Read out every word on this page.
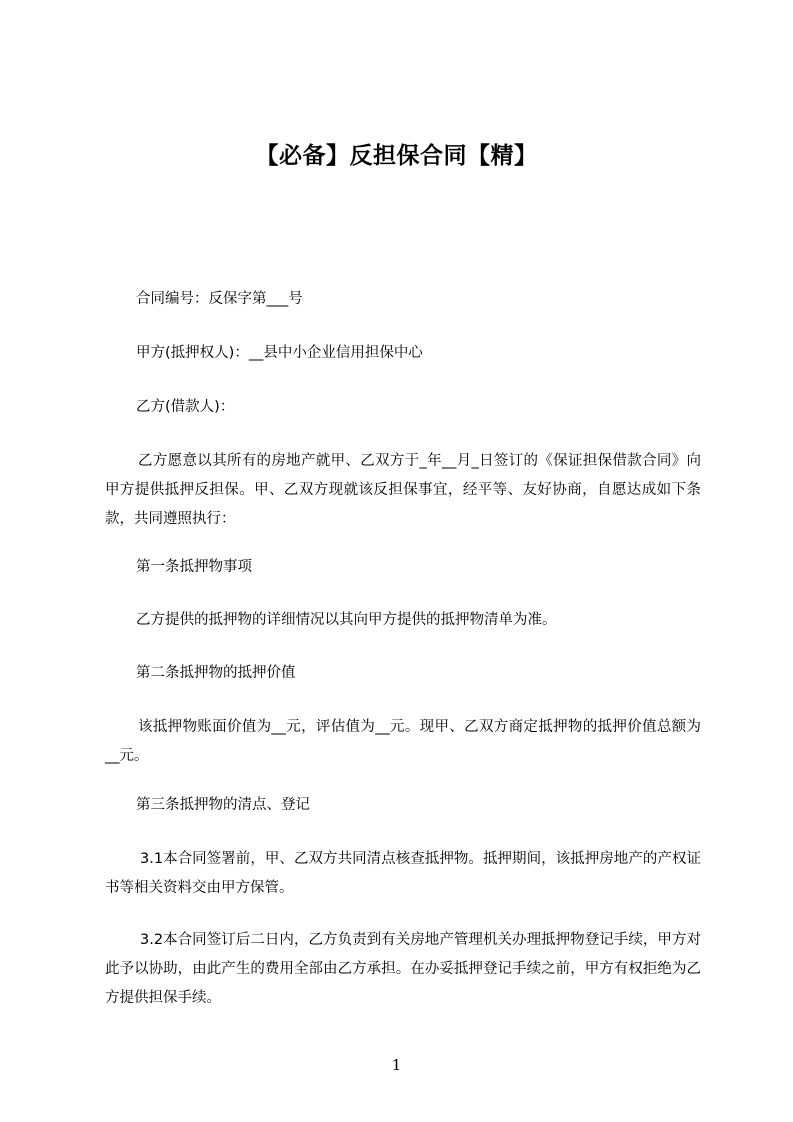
【必备】反担保合同【精】

合同编号：反保字第___号

甲方(抵押权人)：__县中小企业信用担保中心

乙方(借款人)：

乙方愿意以其所有的房地产就甲、乙双方于_年__月_日签订的《保证担保借款合同》向甲方提供抵押反担保。甲、乙双方现就该反担保事宜，经平等、友好协商，自愿达成如下条款，共同遵照执行：

第一条抵押物事项

乙方提供的抵押物的详细情况以其向甲方提供的抵押物清单为准。

第二条抵押物的抵押价值

该抵押物账面价值为__元，评估值为__元。现甲、乙双方商定抵押物的抵押价值总额为__元。

第三条抵押物的清点、登记

3.1本合同签署前，甲、乙双方共同清点核查抵押物。抵押期间，该抵押房地产的产权证书等相关资料交由甲方保管。

3.2本合同签订后二日内，乙方负责到有关房地产管理机关办理抵押物登记手续，甲方对此予以协助，由此产生的费用全部由乙方承担。在办妥抵押登记手续之前，甲方有权拒绝为乙方提供担保手续。

1
